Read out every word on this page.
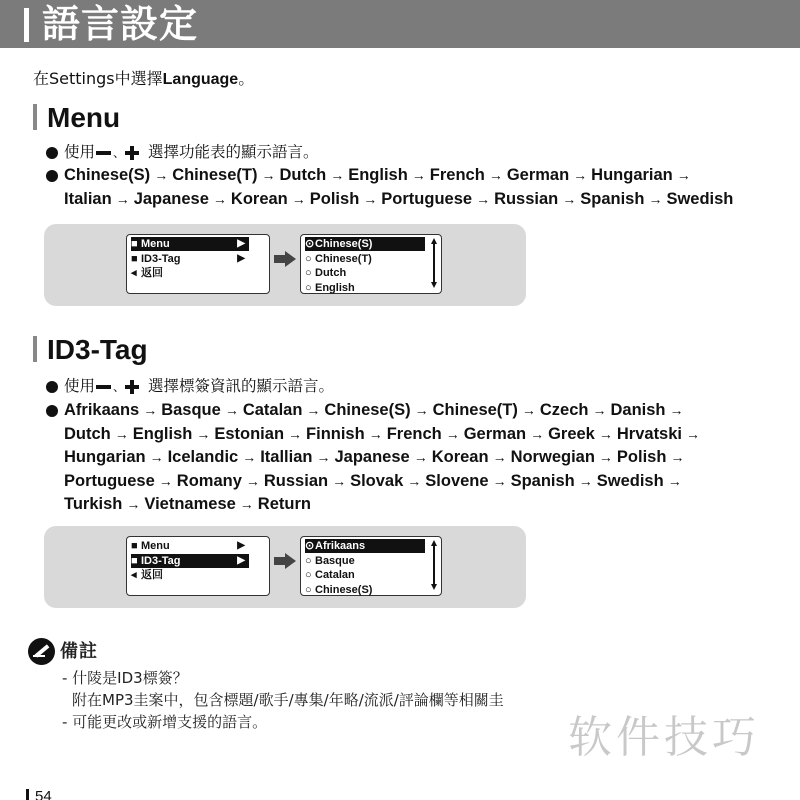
語言設定
在Settings中選擇Language。
Menu
使用 、 選擇功能表的顯示語言。
Chinese(S) → Chinese(T) → Dutch → English → French → German → Hungarian →
Italian → Japanese → Korean → Polish → Portuguese → Russian → Spanish → Swedish
■ Menu	▶
■ ID3-Tag	▶
◂ 返回
⊙Chinese(S)
○ Chinese(T)
○ Dutch
○ English
ID3-Tag
使用 、 選擇標簽資訊的顯示語言。
Afrikaans → Basque → Catalan → Chinese(S) → Chinese(T) → Czech → Danish →
Dutch → English → Estonian → Finnish → French → German → Greek → Hrvatski →
Hungarian → Icelandic → Itallian → Japanese → Korean → Norwegian → Polish →
Portuguese → Romany → Russian → Slovak → Slovene → Spanish → Swedish →
Turkish → Vietnamese → Return
■ Menu	▶
■ ID3-Tag	▶
◂ 返回
⊙Afrikaans
○ Basque
○ Catalan
○ Chinese(S)
備註
- 什陵是ID3標簽？
附在MP3圭案中，包含標題/歌手/專集/年略/流派/評論欄等相關圭
- 可能更改或新增支援的語言。	软件技巧
54
